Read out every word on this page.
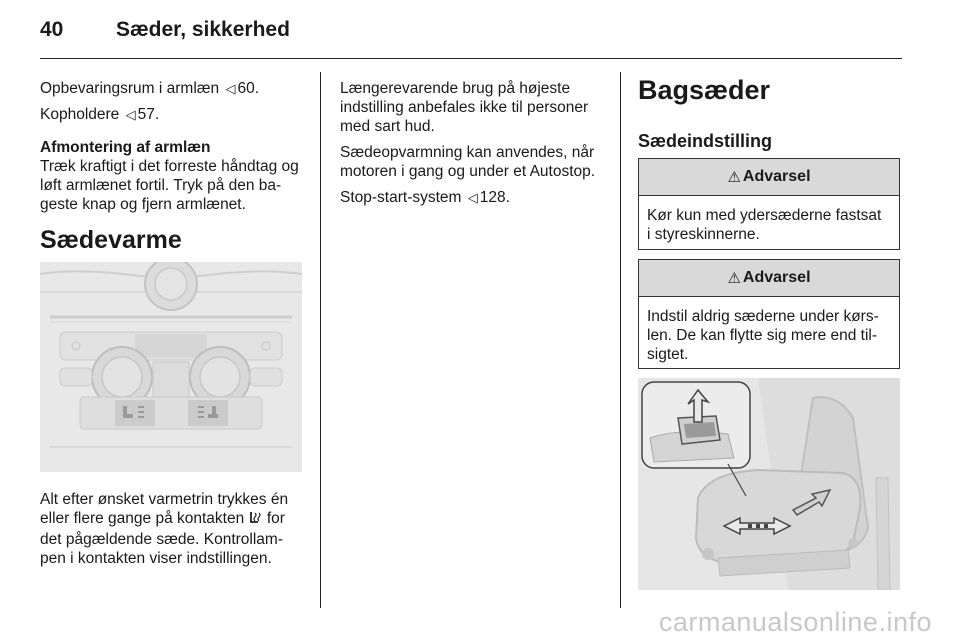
40	Sæder, sikkerhed

Opbevaringsrum i armlæn ◁ 60.

Kopholdere ◁ 57.

Afmontering af armlæn

Træk kraftigt i det forreste håndtag og

løft armlænet fortil. Tryk på den ba-

geste knap og fjern armlænet.

Sædevarme

Alt efter ønsket varmetrin trykkes én

eller flere gange på kontakten for

det pågældende sæde. Kontrollam-

pen i kontakten viser indstillingen.

Længerevarende brug på højeste

indstilling anbefales ikke til personer

med sart hud.

Sædeopvarmning kan anvendes, når

motoren i gang og under et Autostop.

Stop-start-system ◁ 128.

Bagsæder
Sædeindstilling
⚠ Advarsel
Kør kun med ydersæderne fastsat
i styreskinnerne.
⚠ Advarsel
Indstil aldrig sæderne under kørs-
len. De kan flytte sig mere end til-
sigtet.
carmanualsonline.info
